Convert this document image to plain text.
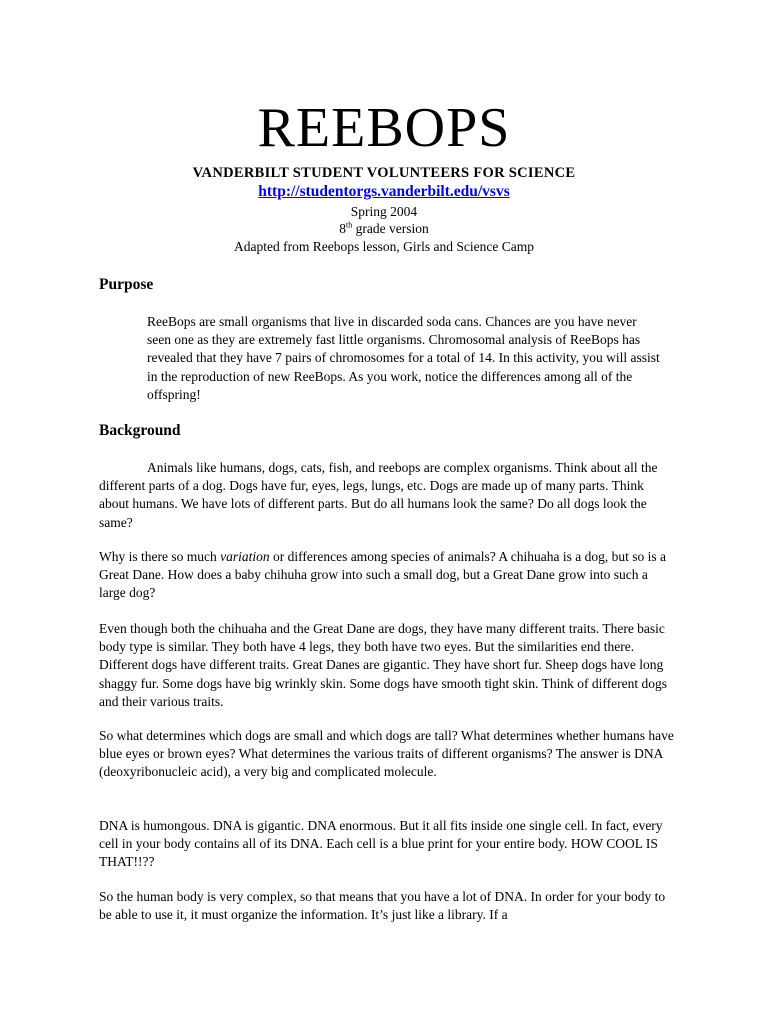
REEBOPS
VANDERBILT STUDENT VOLUNTEERS FOR SCIENCE
http://studentorgs.vanderbilt.edu/vsvs
Spring 2004
8th grade version
Adapted from Reebops lesson, Girls and Science Camp
Purpose
ReeBops are small organisms that live in discarded soda cans. Chances are you have never seen one as they are extremely fast little organisms. Chromosomal analysis of ReeBops has revealed that they have 7 pairs of chromosomes for a total of 14. In this activity, you will assist in the reproduction of new ReeBops. As you work, notice the differences among all of the offspring!
Background
Animals like humans, dogs, cats, fish, and reebops are complex organisms. Think about all the different parts of a dog. Dogs have fur, eyes, legs, lungs, etc. Dogs are made up of many parts. Think about humans. We have lots of different parts. But do all humans look the same? Do all dogs look the same?
Why is there so much variation or differences among species of animals? A chihuaha is a dog, but so is a Great Dane. How does a baby chihuha grow into such a small dog, but a Great Dane grow into such a large dog?
Even though both the chihuaha and the Great Dane are dogs, they have many different traits. There basic body type is similar. They both have 4 legs, they both have two eyes. But the similarities end there. Different dogs have different traits. Great Danes are gigantic. They have short fur. Sheep dogs have long shaggy fur. Some dogs have big wrinkly skin. Some dogs have smooth tight skin. Think of different dogs and their various traits.
So what determines which dogs are small and which dogs are tall? What determines whether humans have blue eyes or brown eyes? What determines the various traits of different organisms? The answer is DNA (deoxyribonucleic acid), a very big and complicated molecule.
DNA is humongous. DNA is gigantic. DNA enormous. But it all fits inside one single cell. In fact, every cell in your body contains all of its DNA. Each cell is a blue print for your entire body. HOW COOL IS THAT!!??
So the human body is very complex, so that means that you have a lot of DNA. In order for your body to be able to use it, it must organize the information. It’s just like a library. If a
